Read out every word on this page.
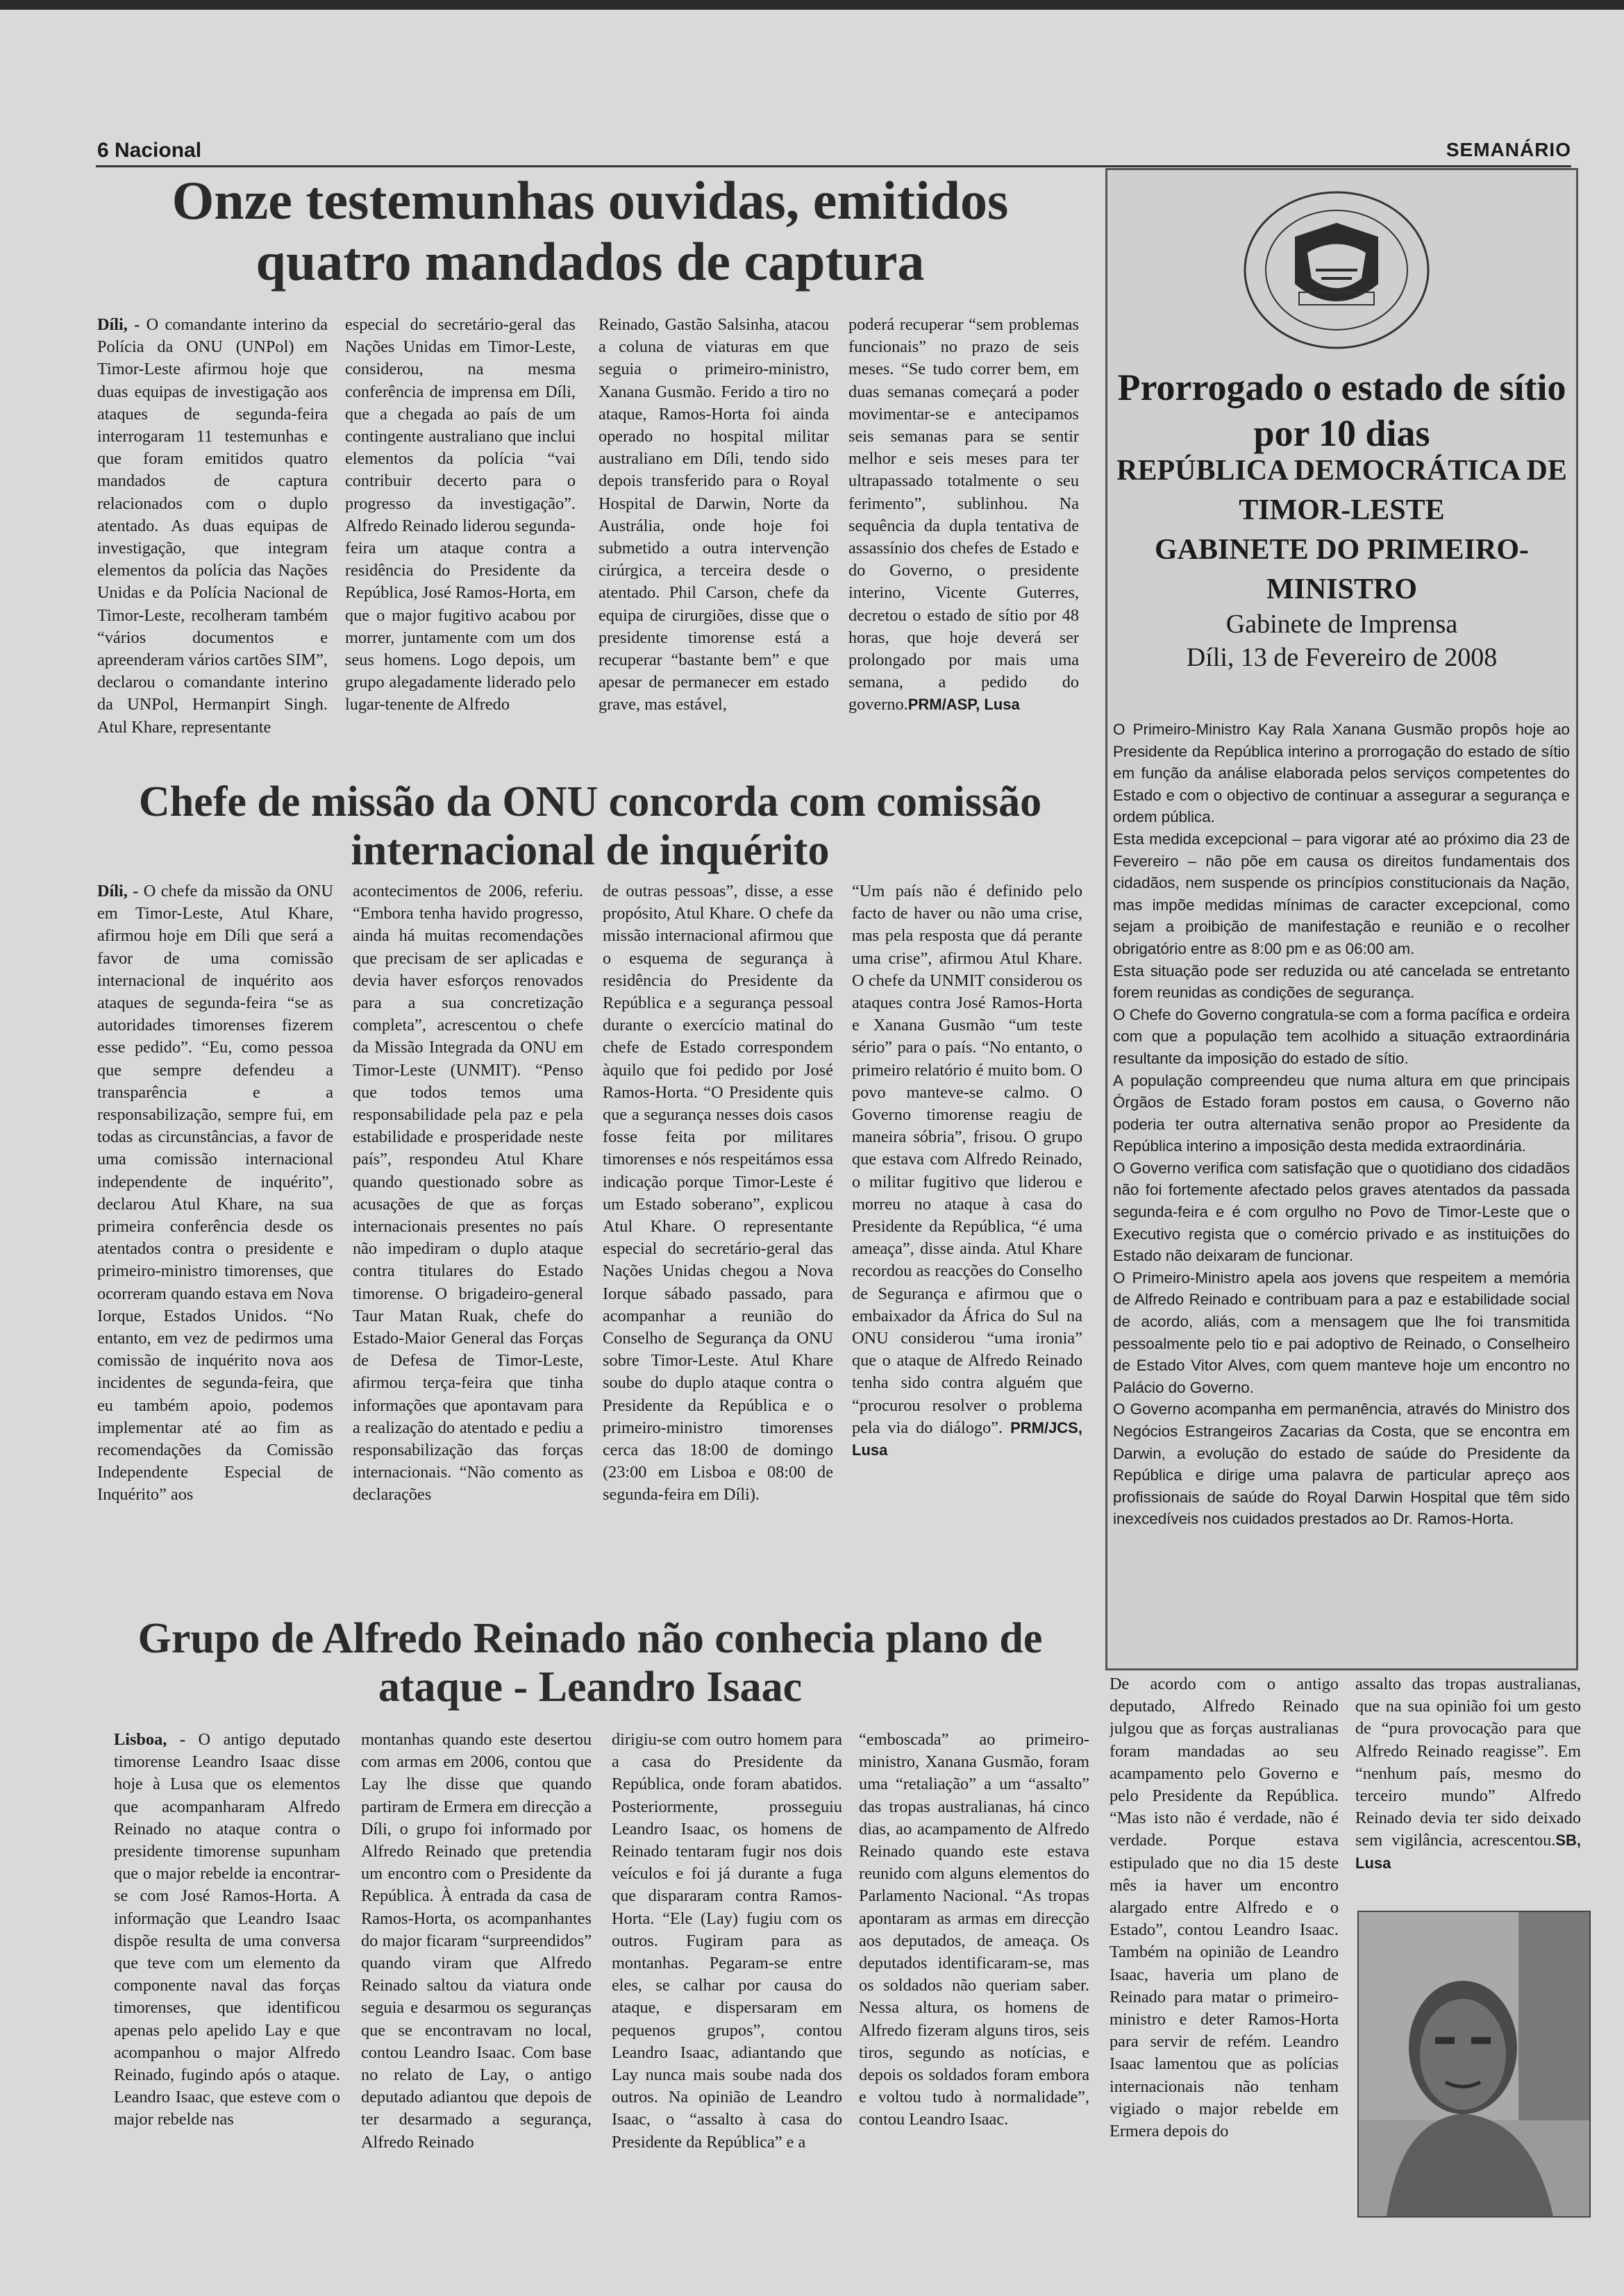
6 Nacional	SEMANÁRIO
Onze testemunhas ouvidas, emitidos quatro mandados de captura

Díli, - O comandante interino da Polícia da ONU (UNPol) em Timor-Leste afirmou hoje que duas equipas de investigação aos ataques de segunda-feira interrogaram 11 testemunhas e que foram emitidos quatro mandados de captura relacionados com o duplo atentado. As duas equipas de investigação, que integram elementos da polícia das Nações Unidas e da Polícia Nacional de Timor-Leste, recolheram também “vários documentos e apreenderam vários cartões SIM”, declarou o comandante interino da UNPol, Hermanpirt Singh. Atul Khare, representante

especial do secretário-geral das Nações Unidas em Timor-Leste, considerou, na mesma conferência de imprensa em Díli, que a chegada ao país de um contingente australiano que inclui elementos da polícia “vai contribuir decerto para o progresso da investigação”. Alfredo Reinado liderou segunda-feira um ataque contra a residência do Presidente da República, José Ramos-Horta, em que o major fugitivo acabou por morrer, juntamente com um dos seus homens. Logo depois, um grupo alegadamente liderado pelo lugar-tenente de Alfredo

Reinado, Gastão Salsinha, atacou a coluna de viaturas em que seguia o primeiro-ministro, Xanana Gusmão. Ferido a tiro no ataque, Ramos-Horta foi ainda operado no hospital militar australiano em Díli, tendo sido depois transferido para o Royal Hospital de Darwin, Norte da Austrália, onde hoje foi submetido a outra intervenção cirúrgica, a terceira desde o atentado. Phil Carson, chefe da equipa de cirurgiões, disse que o presidente timorense está a recuperar “bastante bem” e que apesar de permanecer em estado grave, mas estável,

poderá recuperar “sem problemas funcionais” no prazo de seis meses. “Se tudo correr bem, em duas semanas começará a poder movimentar-se e antecipamos seis semanas para se sentir melhor e seis meses para ter ultrapassado totalmente o seu ferimento”, sublinhou. Na sequência da dupla tentativa de assassínio dos chefes de Estado e do Governo, o presidente interino, Vicente Guterres, decretou o estado de sítio por 48 horas, que hoje deverá ser prolongado por mais uma semana, a pedido do governo.PRM/ASP, Lusa

Chefe de missão da ONU concorda com comissão internacional de inquérito

Díli, - O chefe da missão da ONU em Timor-Leste, Atul Khare, afirmou hoje em Díli que será a favor de uma comissão internacional de inquérito aos ataques de segunda-feira “se as autoridades timorenses fizerem esse pedido”. “Eu, como pessoa que sempre defendeu a transparência e a responsabilização, sempre fui, em todas as circunstâncias, a favor de uma comissão internacional independente de inquérito”, declarou Atul Khare, na sua primeira conferência desde os atentados contra o presidente e primeiro-ministro timorenses, que ocorreram quando estava em Nova Iorque, Estados Unidos. “No entanto, em vez de pedirmos uma comissão de inquérito nova aos incidentes de segunda-feira, que eu também apoio, podemos implementar até ao fim as recomendações da Comissão Independente Especial de Inquérito” aos

acontecimentos de 2006, referiu. “Embora tenha havido progresso, ainda há muitas recomendações que precisam de ser aplicadas e devia haver esforços renovados para a sua concretização completa”, acrescentou o chefe da Missão Integrada da ONU em Timor-Leste (UNMIT). “Penso que todos temos uma responsabilidade pela paz e pela estabilidade e prosperidade neste país”, respondeu Atul Khare quando questionado sobre as acusações de que as forças internacionais presentes no país não impediram o duplo ataque contra titulares do Estado timorense. O brigadeiro-general Taur Matan Ruak, chefe do Estado-Maior General das Forças de Defesa de Timor-Leste, afirmou terça-feira que tinha informações que apontavam para a realização do atentado e pediu a responsabilização das forças internacionais. “Não comento as declarações

de outras pessoas”, disse, a esse propósito, Atul Khare. O chefe da missão internacional afirmou que o esquema de segurança à residência do Presidente da República e a segurança pessoal durante o exercício matinal do chefe de Estado correspondem àquilo que foi pedido por José Ramos-Horta. “O Presidente quis que a segurança nesses dois casos fosse feita por militares timorenses e nós respeitámos essa indicação porque Timor-Leste é um Estado soberano”, explicou Atul Khare. O representante especial do secretário-geral das Nações Unidas chegou a Nova Iorque sábado passado, para acompanhar a reunião do Conselho de Segurança da ONU sobre Timor-Leste. Atul Khare soube do duplo ataque contra o Presidente da República e o primeiro-ministro timorenses cerca das 18:00 de domingo (23:00 em Lisboa e 08:00 de segunda-feira em Díli).

“Um país não é definido pelo facto de haver ou não uma crise, mas pela resposta que dá perante uma crise”, afirmou Atul Khare. O chefe da UNMIT considerou os ataques contra José Ramos-Horta e Xanana Gusmão “um teste sério” para o país. “No entanto, o primeiro relatório é muito bom. O povo manteve-se calmo. O Governo timorense reagiu de maneira sóbria”, frisou. O grupo que estava com Alfredo Reinado, o militar fugitivo que liderou e morreu no ataque à casa do Presidente da República, “é uma ameaça”, disse ainda. Atul Khare recordou as reacções do Conselho de Segurança e afirmou que o embaixador da África do Sul na ONU considerou “uma ironia” que o ataque de Alfredo Reinado tenha sido contra alguém que “procurou resolver o problema pela via do diálogo”. PRM/JCS, Lusa

Prorrogado o estado de sítio por 10 dias
REPÚBLICA DEMOCRÁTICA DE TIMOR-LESTE
GABINETE DO PRIMEIRO-MINISTRO
Gabinete de Imprensa
Díli, 13 de Fevereiro de 2008

O Primeiro-Ministro Kay Rala Xanana Gusmão propôs hoje ao Presidente da República interino a prorrogação do estado de sítio em função da análise elaborada pelos serviços competentes do Estado e com o objectivo de continuar a assegurar a segurança e ordem pública.

Esta medida excepcional – para vigorar até ao próximo dia 23 de Fevereiro – não põe em causa os direitos fundamentais dos cidadãos, nem suspende os princípios constitucionais da Nação, mas impõe medidas mínimas de caracter excepcional, como sejam a proibição de manifestação e reunião e o recolher obrigatório entre as 8:00 pm e as 06:00 am.

Esta situação pode ser reduzida ou até cancelada se entretanto forem reunidas as condições de segurança.

O Chefe do Governo congratula-se com a forma pacífica e ordeira com que a população tem acolhido a situação extraordinária resultante da imposição do estado de sítio.

A população compreendeu que numa altura em que principais Órgãos de Estado foram postos em causa, o Governo não poderia ter outra alternativa senão propor ao Presidente da República interino a imposição desta medida extraordinária.

O Governo verifica com satisfação que o quotidiano dos cidadãos não foi fortemente afectado pelos graves atentados da passada segunda-feira e é com orgulho no Povo de Timor-Leste que o Executivo regista que o comércio privado e as instituições do Estado não deixaram de funcionar.

O Primeiro-Ministro apela aos jovens que respeitem a memória de Alfredo Reinado e contribuam para a paz e estabilidade social de acordo, aliás, com a mensagem que lhe foi transmitida pessoalmente pelo tio e pai adoptivo de Reinado, o Conselheiro de Estado Vitor Alves, com quem manteve hoje um encontro no Palácio do Governo.

O Governo acompanha em permanência, através do Ministro dos Negócios Estrangeiros Zacarias da Costa, que se encontra em Darwin, a evolução do estado de saúde do Presidente da República e dirige uma palavra de particular apreço aos profissionais de saúde do Royal Darwin Hospital que têm sido inexcedíveis nos cuidados prestados ao Dr. Ramos-Horta.

Grupo de Alfredo Reinado não conhecia plano de ataque - Leandro Isaac

Lisboa, - O antigo deputado timorense Leandro Isaac disse hoje à Lusa que os elementos que acompanharam Alfredo Reinado no ataque contra o presidente timorense supunham que o major rebelde ia encontrar-se com José Ramos-Horta. A informação que Leandro Isaac dispõe resulta de uma conversa que teve com um elemento da componente naval das forças timorenses, que identificou apenas pelo apelido Lay e que acompanhou o major Alfredo Reinado, fugindo após o ataque. Leandro Isaac, que esteve com o major rebelde nas

montanhas quando este desertou com armas em 2006, contou que Lay lhe disse que quando partiram de Ermera em direcção a Díli, o grupo foi informado por Alfredo Reinado que pretendia um encontro com o Presidente da República. À entrada da casa de Ramos-Horta, os acompanhantes do major ficaram “surpreendidos” quando viram que Alfredo Reinado saltou da viatura onde seguia e desarmou os seguranças que se encontravam no local, contou Leandro Isaac. Com base no relato de Lay, o antigo deputado adiantou que depois de ter desarmado a segurança, Alfredo Reinado

dirigiu-se com outro homem para a casa do Presidente da República, onde foram abatidos. Posteriormente, prosseguiu Leandro Isaac, os homens de Reinado tentaram fugir nos dois veículos e foi já durante a fuga que dispararam contra Ramos-Horta. “Ele (Lay) fugiu com os outros. Fugiram para as montanhas. Pegaram-se entre eles, se calhar por causa do ataque, e dispersaram em pequenos grupos”, contou Leandro Isaac, adiantando que Lay nunca mais soube nada dos outros. Na opinião de Leandro Isaac, o “assalto à casa do Presidente da República” e a

“emboscada” ao primeiro-ministro, Xanana Gusmão, foram uma “retaliação” a um “assalto” das tropas australianas, há cinco dias, ao acampamento de Alfredo Reinado quando este estava reunido com alguns elementos do Parlamento Nacional. “As tropas apontaram as armas em direcção aos deputados, de ameaça. Os deputados identificaram-se, mas os soldados não queriam saber. Nessa altura, os homens de Alfredo fizeram alguns tiros, seis tiros, segundo as notícias, e depois os soldados foram embora e voltou tudo à normalidade”, contou Leandro Isaac.

De acordo com o antigo deputado, Alfredo Reinado julgou que as forças australianas foram mandadas ao seu acampamento pelo Governo e pelo Presidente da República. “Mas isto não é verdade, não é verdade. Porque estava estipulado que no dia 15 deste mês ia haver um encontro alargado entre Alfredo e o Estado”, contou Leandro Isaac. Também na opinião de Leandro Isaac, haveria um plano de Reinado para matar o primeiro-ministro e deter Ramos-Horta para servir de refém. Leandro Isaac lamentou que as polícias internacionais não tenham vigiado o major rebelde em Ermera depois do

assalto das tropas australianas, que na sua opinião foi um gesto de “pura provocação para que Alfredo Reinado reagisse”. Em “nenhum país, mesmo do terceiro mundo” Alfredo Reinado devia ter sido deixado sem vigilância, acrescentou.SB, Lusa
